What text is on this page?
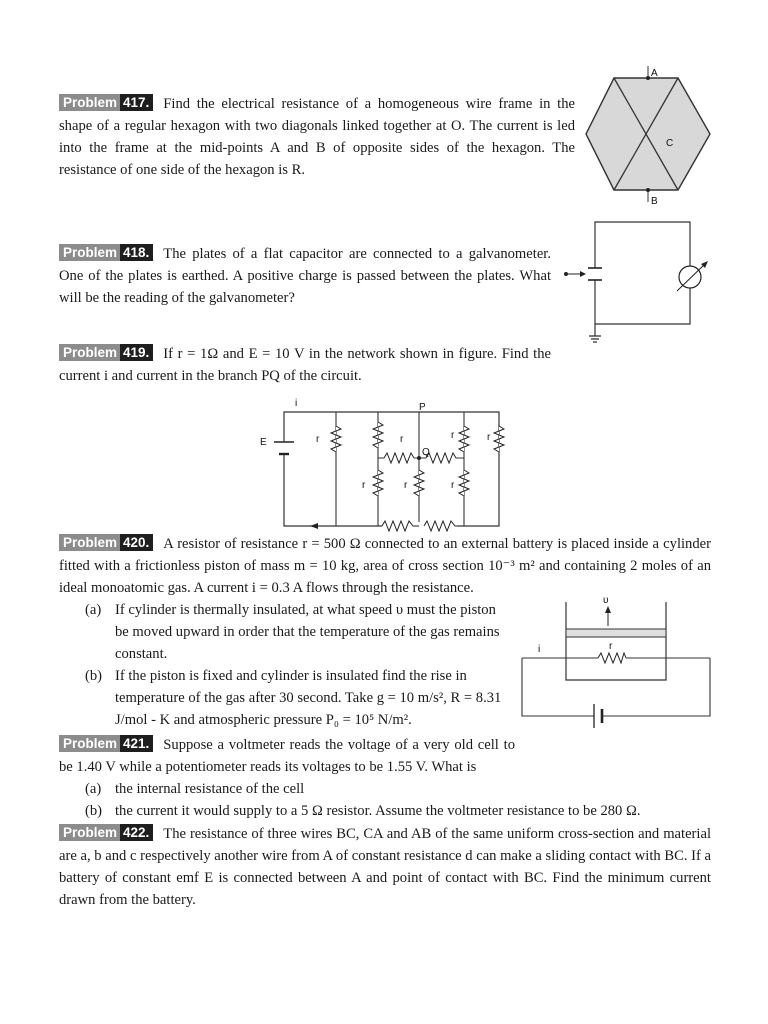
Problem 417. Find the electrical resistance of a homogeneous wire frame in the shape of a regular hexagon with two diagonals linked together at O. The current is led into the frame at the mid-points A and B of opposite sides of the hexagon. The resistance of one side of the hexagon is R.

A
B
C

Problem 418. The plates of a flat capacitor are connected to a galvanometer. One of the plates is earthed. A positive charge is passed between the plates. What will be the reading of the galvanometer?

Problem 419. If r = 1Ω and E = 10 V in the network shown in figure. Find the current i and current in the branch PQ of the circuit.

E
i	P
r
r	r
r
r
r
r
Q

Problem 420. A resistor of resistance r = 500 Ω connected to an external battery is placed inside a cylinder fitted with a frictionless piston of mass m = 10 kg, area of cross section 10⁻³ m² and containing 2 moles of an ideal monoatomic gas. A current i = 0.3 A flows through the resistance.

(a) If cylinder is thermally insulated, at what speed υ must the piston be moved upward in order that the temperature of the gas remains constant.
(b) If the piston is fixed and cylinder is insulated find the rise in temperature of the gas after 30 second. Take g = 10 m/s², R = 8.31 J/mol - K and atmospheric pressure P₀ = 10⁵ N/m².
υ
r
i

Problem 421. Suppose a voltmeter reads the voltage of a very old cell to be 1.40 V while a potentiometer reads its voltages to be 1.55 V. What is

(a) the internal resistance of the cell
(b) the current it would supply to a 5 Ω resistor. Assume the voltmeter resistance to be 280 Ω.

Problem 422. The resistance of three wires BC, CA and AB of the same uniform cross-section and material are a, b and c respectively another wire from A of constant resistance d can make a sliding contact with BC. If a battery of constant emf E is connected between A and point of contact with BC. Find the minimum current drawn from the battery.
